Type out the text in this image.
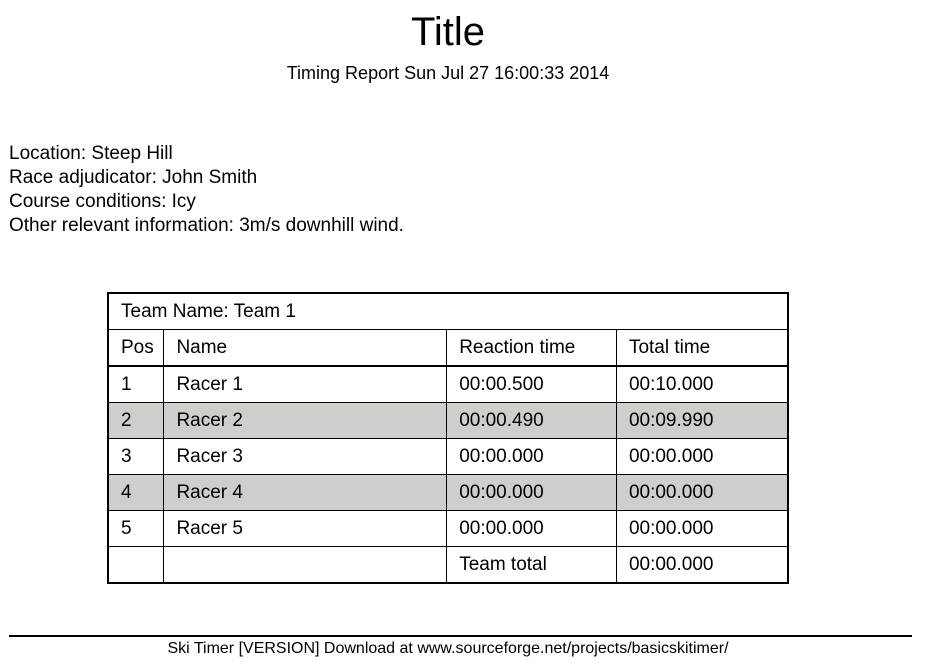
Title
Timing Report Sun Jul 27 16:00:33 2014
Location: Steep Hill
Race adjudicator: John Smith
Course conditions: Icy
Other relevant information: 3m/s downhill wind.
Team Name: Team 1			
Pos	Name	Reaction time	Total time
1	Racer 1	00:00.500	00:10.000
2	Racer 2	00:00.490	00:09.990
3	Racer 3	00:00.000	00:00.000
4	Racer 4	00:00.000	00:00.000
5	Racer 5	00:00.000	00:00.000
		Team total	00:00.000
Ski Timer [VERSION] Download at www.sourceforge.net/projects/basicskitimer/
